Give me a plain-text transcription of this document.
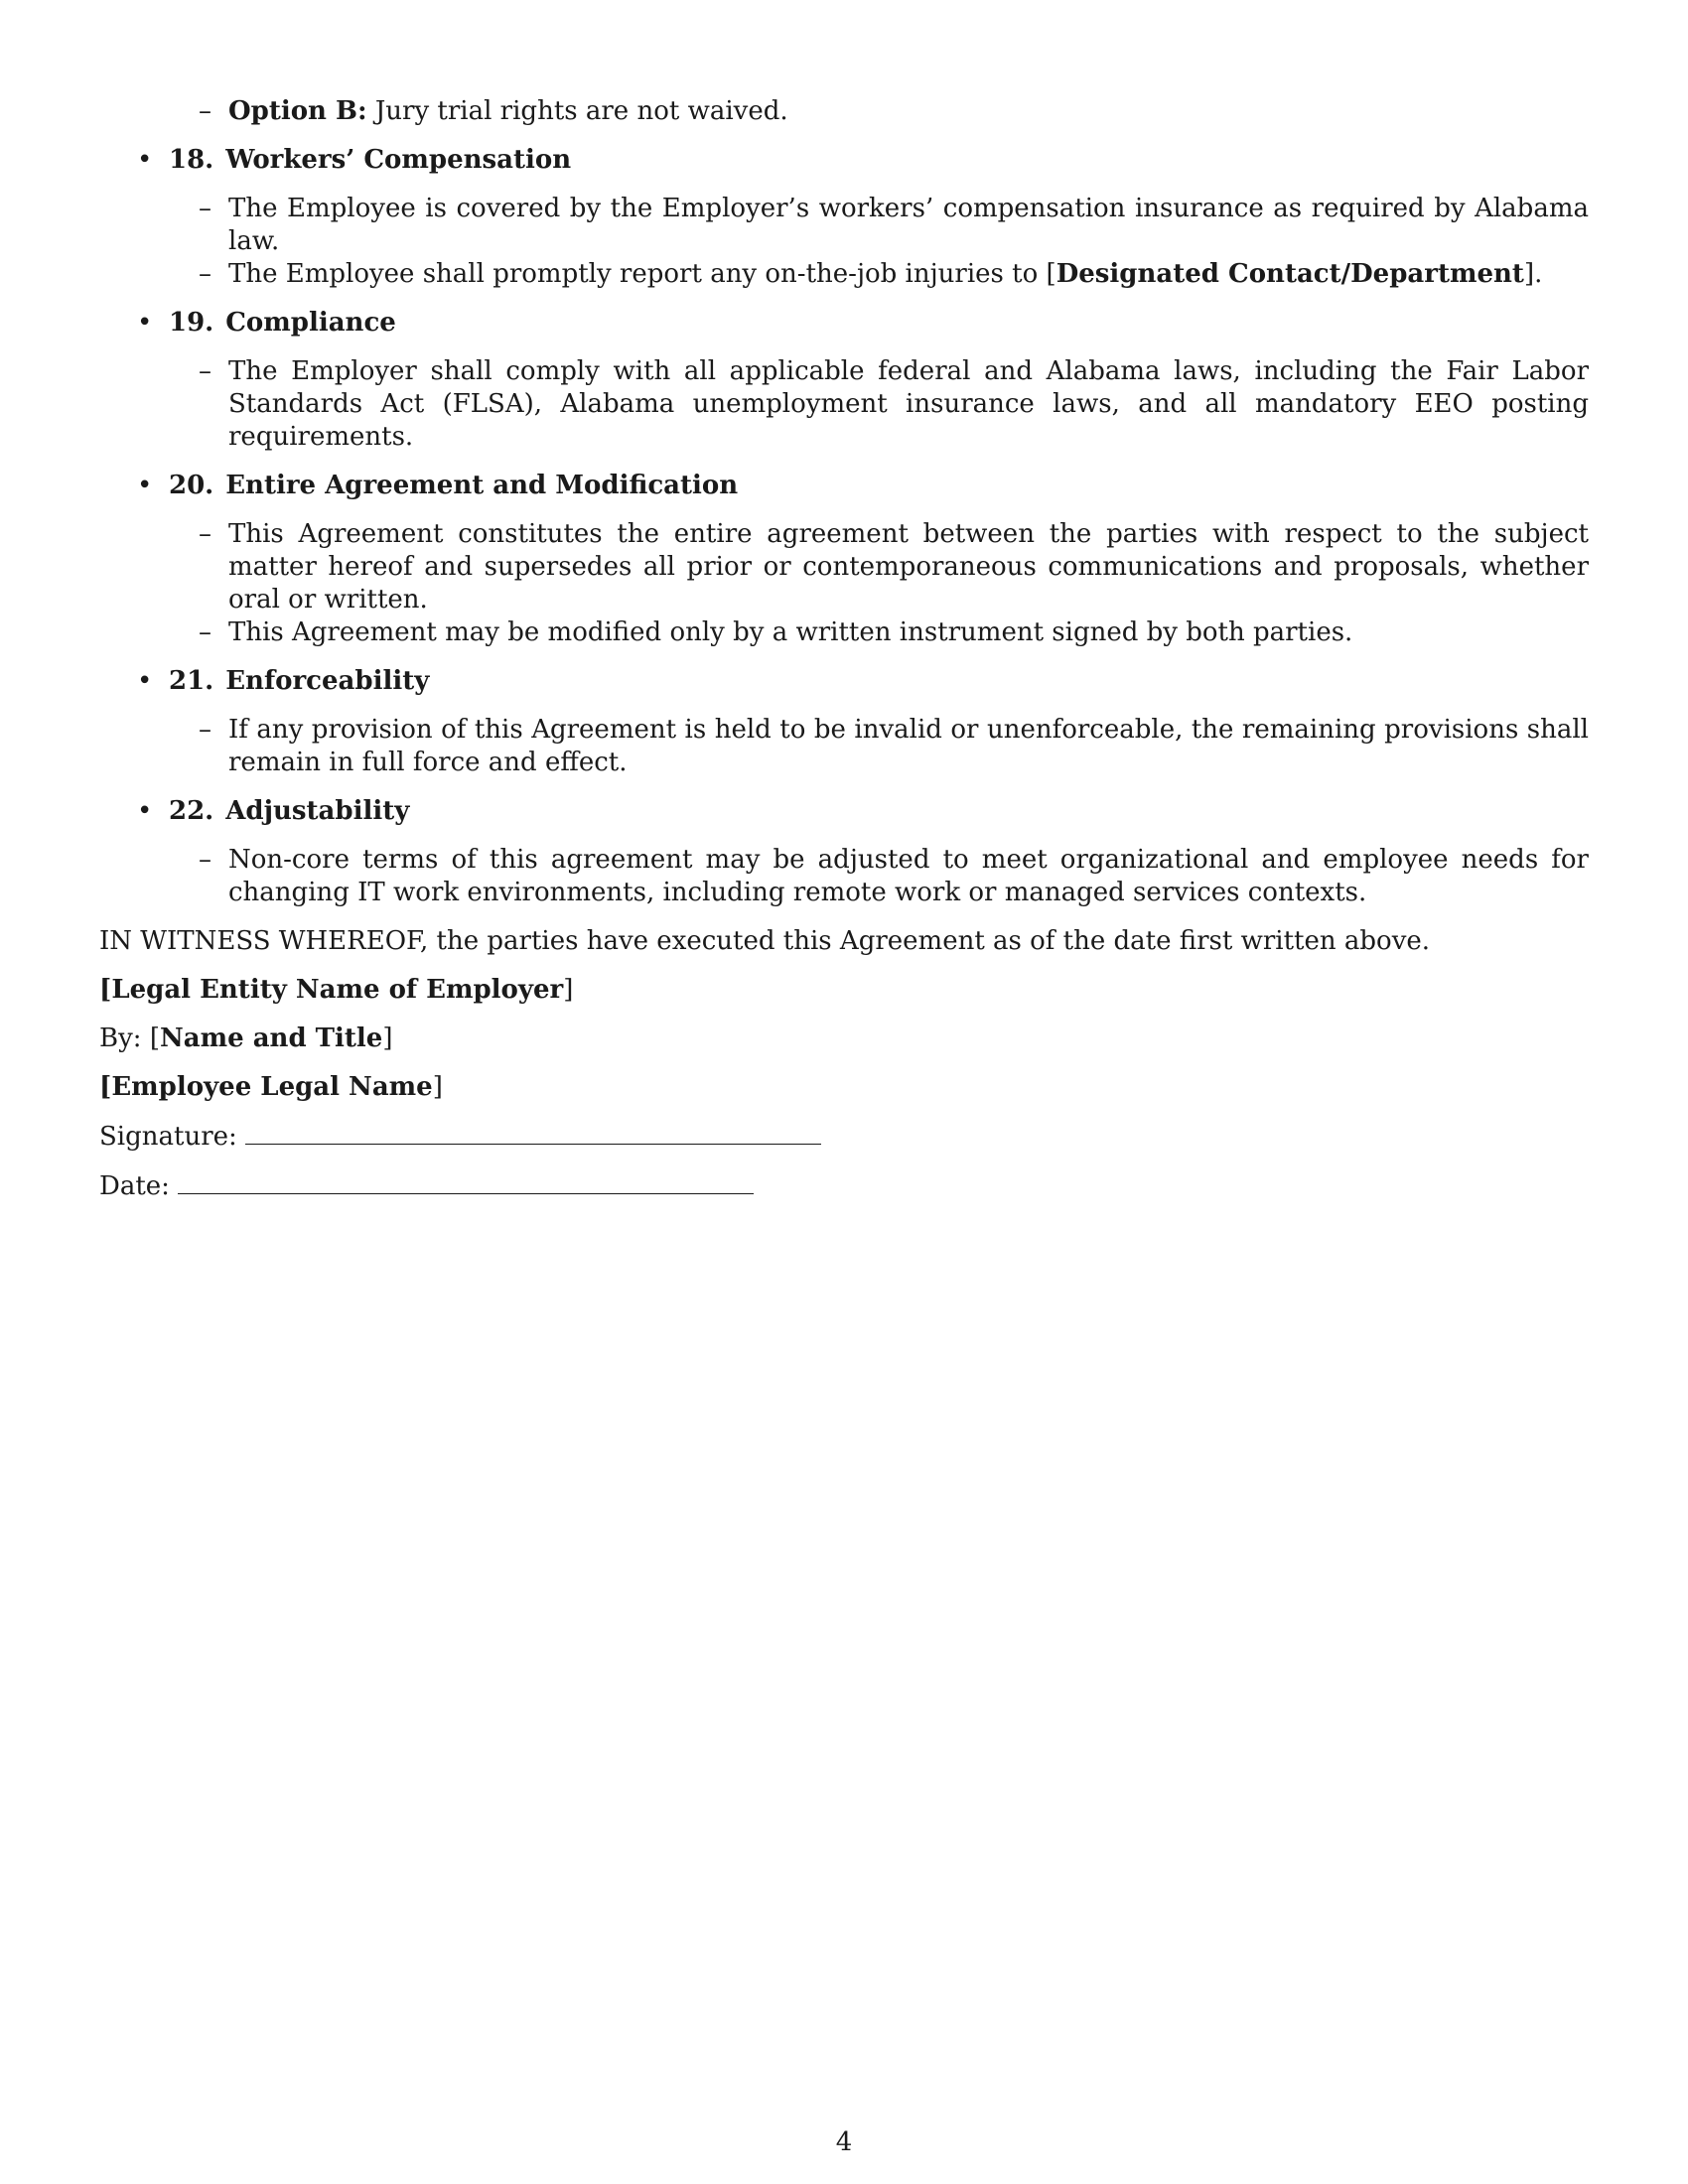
– Option B: Jury trial rights are not waived.
• 18. Workers’ Compensation
– The Employee is covered by the Employer’s workers’ compensation insurance as required by Alabama law.
– The Employee shall promptly report any on-the-job injuries to [Designated Contact/Department].
• 19. Compliance
– The Employer shall comply with all applicable federal and Alabama laws, including the Fair Labor Standards Act (FLSA), Alabama unemployment insurance laws, and all mandatory EEO posting requirements.
• 20. Entire Agreement and Modification
– This Agreement constitutes the entire agreement between the parties with respect to the subject matter hereof and supersedes all prior or contemporaneous communications and proposals, whether oral or written.
– This Agreement may be modified only by a written instrument signed by both parties.
• 21. Enforceability
– If any provision of this Agreement is held to be invalid or unenforceable, the remaining provisions shall remain in full force and effect.
• 22. Adjustability
– Non-core terms of this agreement may be adjusted to meet organizational and employee needs for changing IT work environments, including remote work or managed services contexts.
IN WITNESS WHEREOF, the parties have executed this Agreement as of the date first written above.
[Legal Entity Name of Employer]
By: [Name and Title]
[Employee Legal Name]
Signature:
Date:
4
